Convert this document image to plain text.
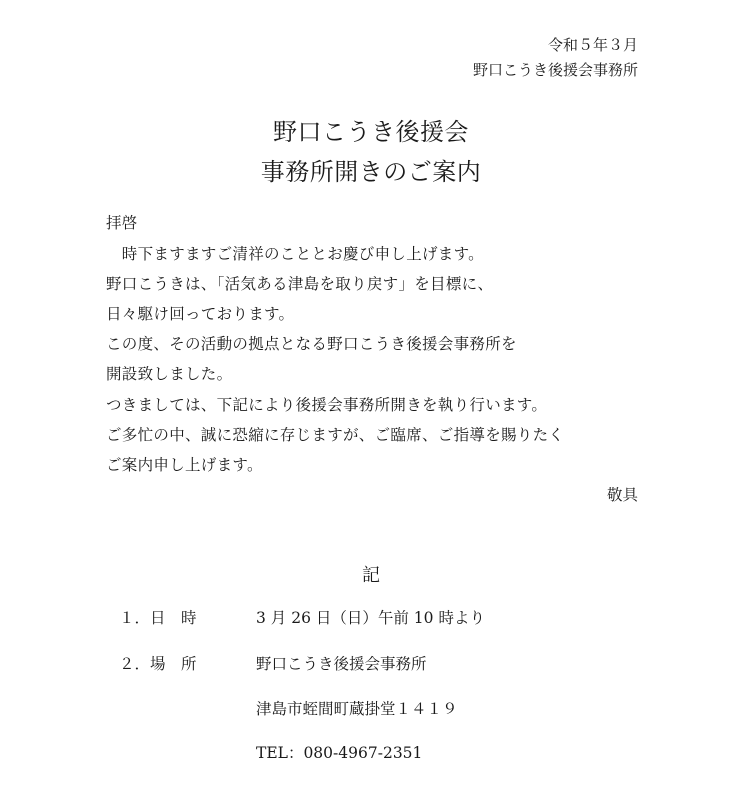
令和５年３月
野口こうき後援会事務所
野口こうき後援会
事務所開きのご案内
拝啓
　時下ますますご清祥のこととお慶び申し上げます。
野口こうきは、「活気ある津島を取り戻す」を目標に、
日々駆け回っております。
この度、その活動の拠点となる野口こうき後援会事務所を
開設致しました。
つきましては、下記により後援会事務所開きを執り行います。
ご多忙の中、誠に恐縮に存じますが、ご臨席、ご指導を賜りたく
ご案内申し上げます。
敬具
記
１．日　時	3 月 26 日（日）午前 10 時より
２．場　所	野口こうき後援会事務所
津島市蛭間町蔵掛堂１４１９
TEL：080-4967-2351
